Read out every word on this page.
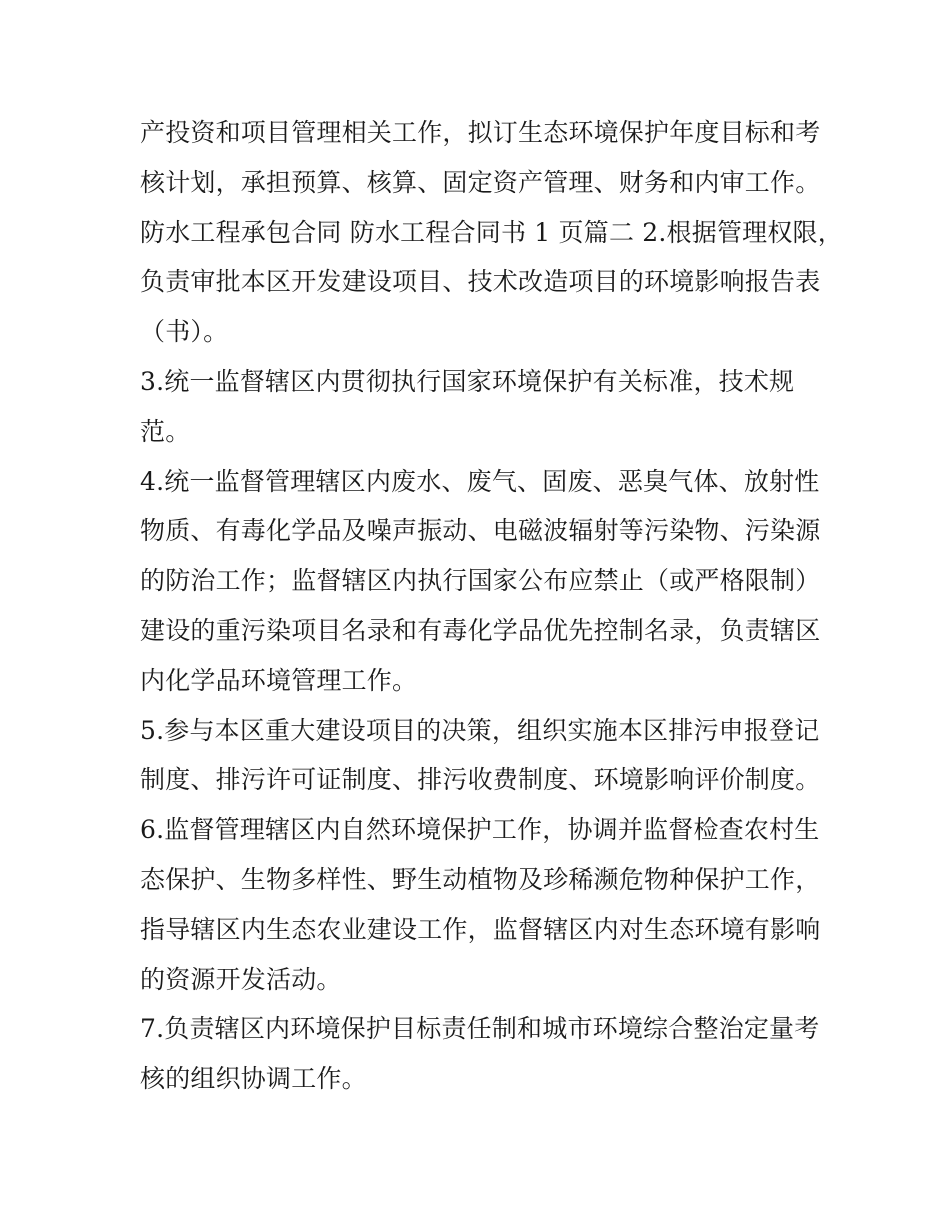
产投资和项目管理相关工作，拟订生态环境保护年度目标和考
核计划，承担预算、核算、固定资产管理、财务和内审工作。
防水工程承包合同 防水工程合同书 1 页篇二 2.根据管理权限，
负责审批本区开发建设项目、技术改造项目的环境影响报告表
（书）。
3.统一监督辖区内贯彻执行国家环境保护有关标准，技术规
范。
4.统一监督管理辖区内废水、废气、固废、恶臭气体、放射性
物质、有毒化学品及噪声振动、电磁波辐射等污染物、污染源
的防治工作；监督辖区内执行国家公布应禁止（或严格限制）
建设的重污染项目名录和有毒化学品优先控制名录，负责辖区
内化学品环境管理工作。
5.参与本区重大建设项目的决策，组织实施本区排污申报登记
制度、排污许可证制度、排污收费制度、环境影响评价制度。
6.监督管理辖区内自然环境保护工作，协调并监督检查农村生
态保护、生物多样性、野生动植物及珍稀濒危物种保护工作，
指导辖区内生态农业建设工作，监督辖区内对生态环境有影响
的资源开发活动。
7.负责辖区内环境保护目标责任制和城市环境综合整治定量考
核的组织协调工作。
